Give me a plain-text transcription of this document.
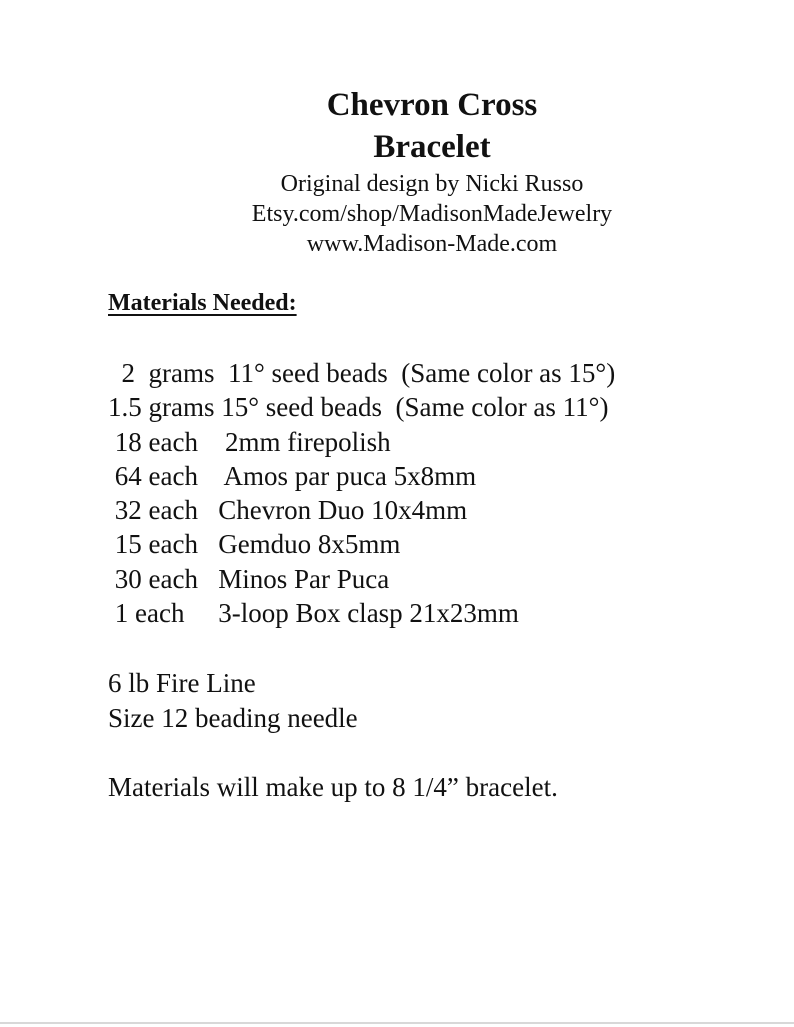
Chevron Cross
Bracelet
Original design by Nicki Russo
Etsy.com/shop/MadisonMadeJewelry
www.Madison-Made.com
Materials Needed:
2  grams  11° seed beads  (Same color as 15°)
1.5 grams 15° seed beads  (Same color as 11°)
18 each    2mm firepolish
64 each    Amos par puca 5x8mm
32 each   Chevron Duo 10x4mm
15 each   Gemduo 8x5mm
30 each   Minos Par Puca
1 each     3-loop Box clasp 21x23mm
6 lb Fire Line
Size 12 beading needle
Materials will make up to 8 1/4” bracelet.
